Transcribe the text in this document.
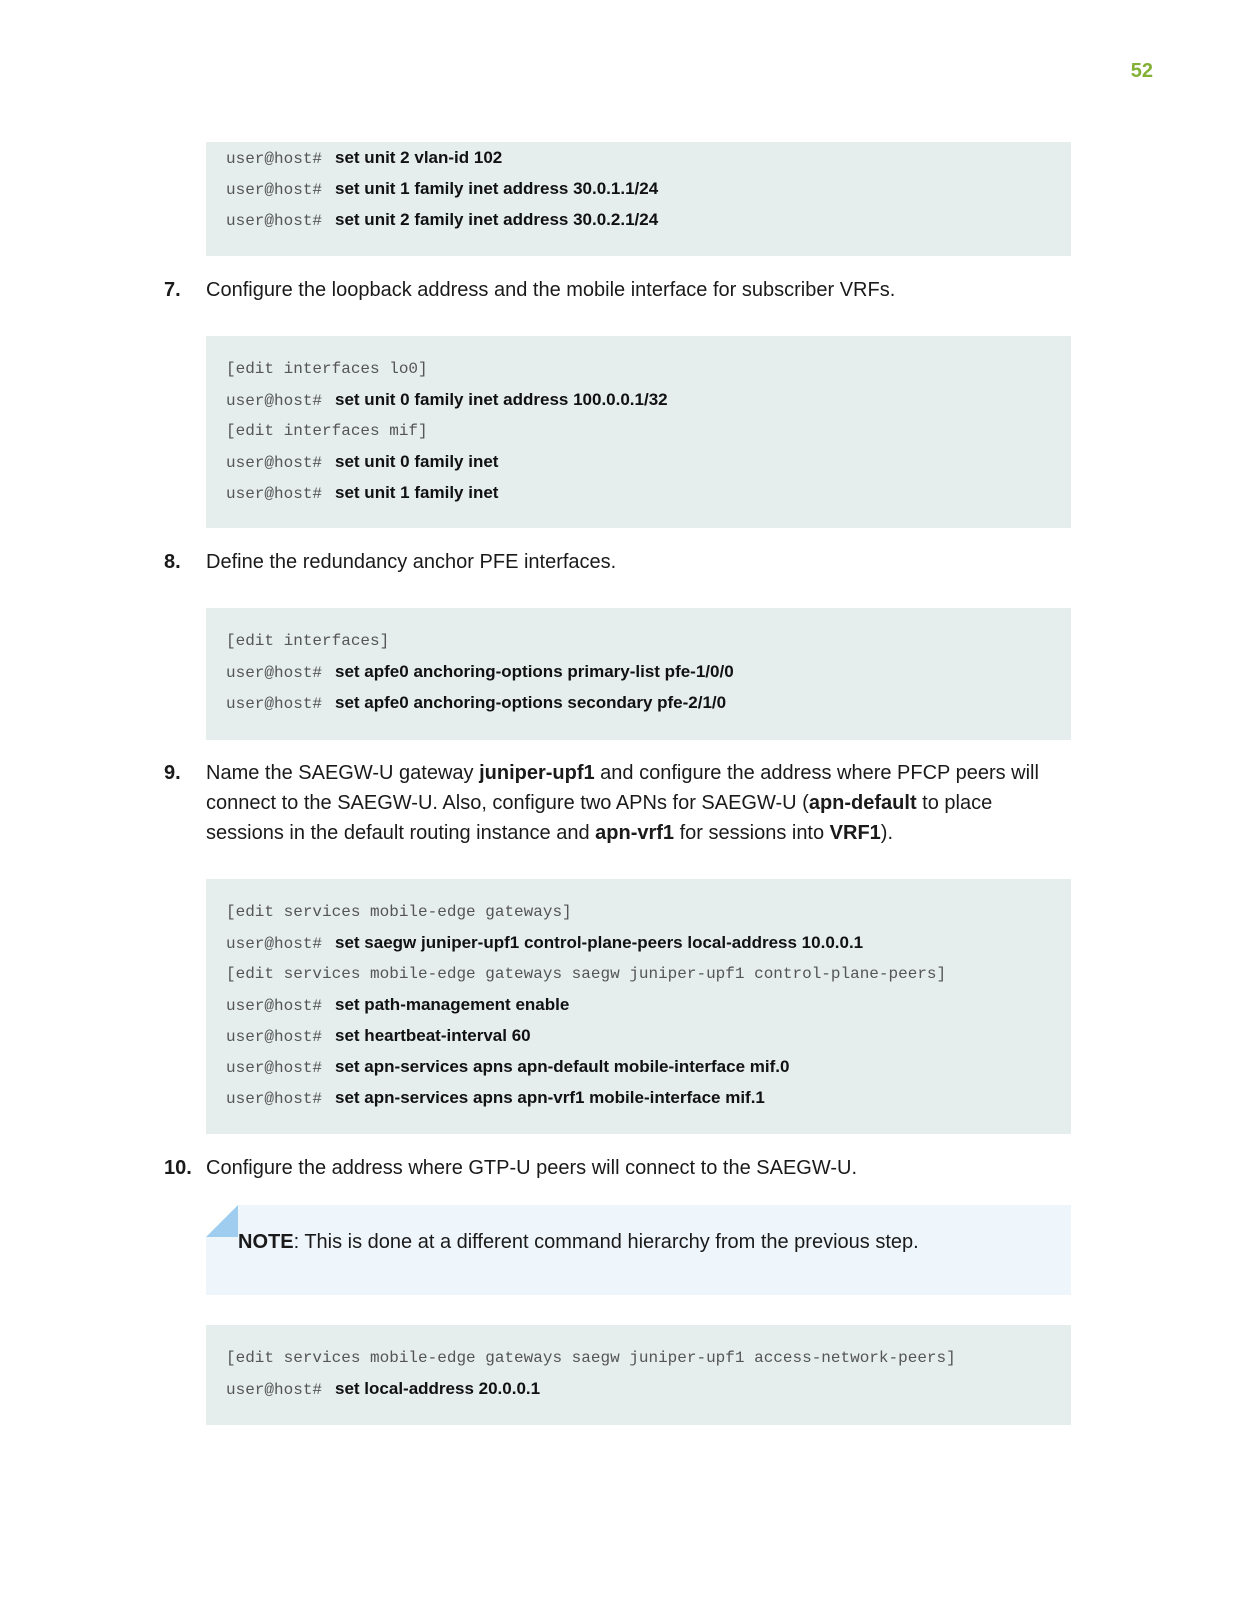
52
user@host# set unit 2 vlan-id 102
user@host# set unit 1 family inet address 30.0.1.1/24
user@host# set unit 2 family inet address 30.0.2.1/24
7.	Configure the loopback address and the mobile interface for subscriber VRFs.
[edit interfaces lo0]
user@host# set unit 0 family inet address 100.0.0.1/32
[edit interfaces mif]
user@host# set unit 0 family inet
user@host# set unit 1 family inet
8.	Define the redundancy anchor PFE interfaces.
[edit interfaces]
user@host# set apfe0 anchoring-options primary-list pfe-1/0/0
user@host# set apfe0 anchoring-options secondary pfe-2/1/0
9.	Name the SAEGW-U gateway juniper-upf1 and configure the address where PFCP peers will connect to the SAEGW-U. Also, configure two APNs for SAEGW-U (apn-default to place sessions in the default routing instance and apn-vrf1 for sessions into VRF1).
[edit services mobile-edge gateways]
user@host# set saegw juniper-upf1 control-plane-peers local-address 10.0.0.1
[edit services mobile-edge gateways saegw juniper-upf1 control-plane-peers]
user@host# set path-management enable
user@host# set heartbeat-interval 60
user@host# set apn-services apns apn-default mobile-interface mif.0
user@host# set apn-services apns apn-vrf1 mobile-interface mif.1
10. Configure the address where GTP-U peers will connect to the SAEGW-U.
NOTE: This is done at a different command hierarchy from the previous step.
[edit services mobile-edge gateways saegw juniper-upf1 access-network-peers]
user@host# set local-address 20.0.0.1
